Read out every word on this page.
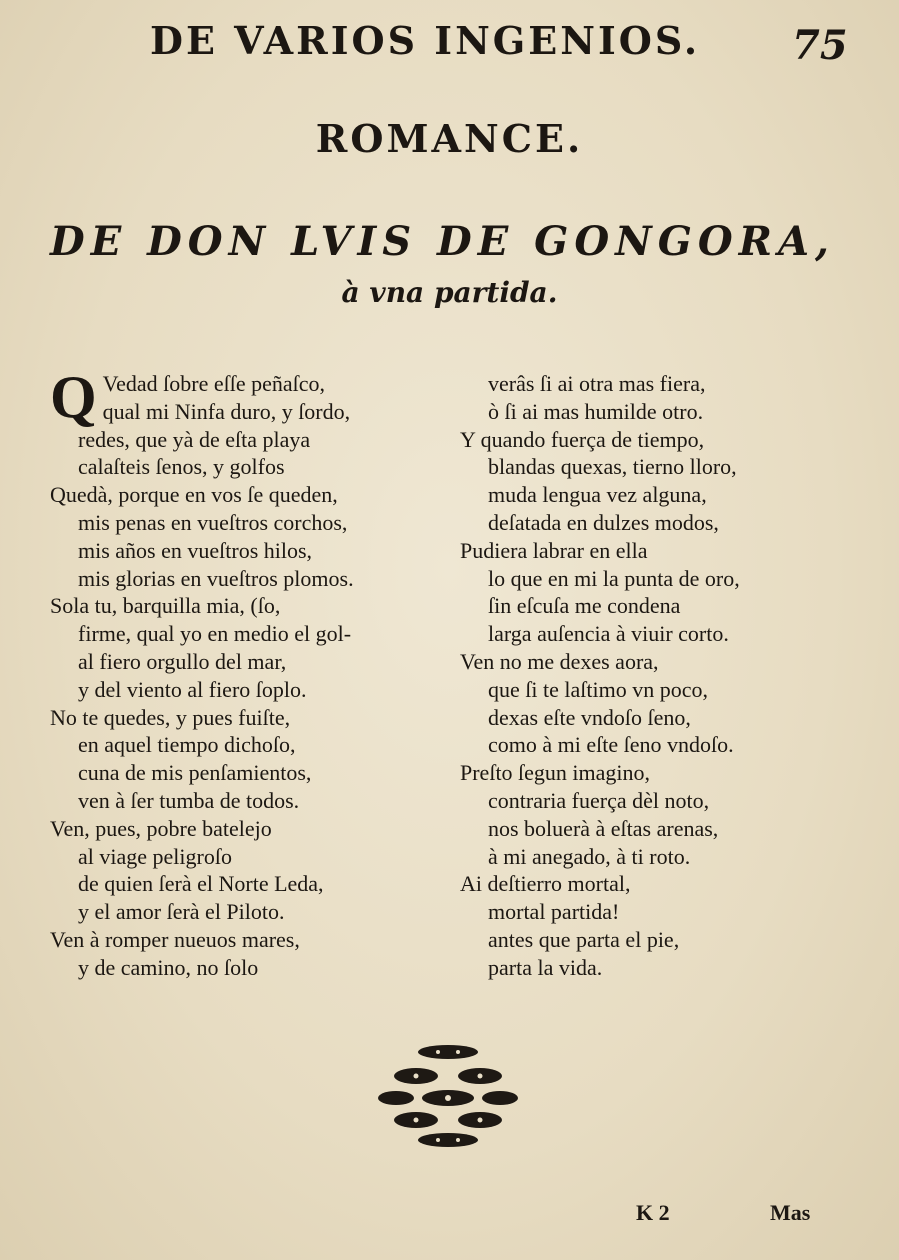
DE VARIOS INGENIOS. 75
ROMANCE.
DE DON LVIS DE GONGORA,
à vna partida.
Q Vedad ſobre eſſe peñaſco,
qual mi Ninfa duro, y ſordo,
redes, que yà de eſta playa
calaſteis ſenos, y golfos
Quedà, porque en vos ſe queden,
mis penas en vueſtros corchos,
mis años en vueſtros hilos,
mis glorias en vueſtros plomos.
Sola tu, barquilla mia, (ſo,
firme, qual yo en medio el gol-
al fiero orgullo del mar,
y del viento al fiero ſoplo.
No te quedes, y pues fuiſte,
en aquel tiempo dichoſo,
cuna de mis penſamientos,
ven à ſer tumba de todos.
Ven, pues, pobre batelejo
al viage peligroſo
de quien ſerà el Norte Leda,
y el amor ſerà el Piloto.
Ven à romper nueuos mares,
y de camino, no ſolo
verâs ſi ai otra mas fiera,
ò ſi ai mas humilde otro.
Y quando fuerça de tiempo,
blandas quexas, tierno lloro,
muda lengua vez alguna,
deſatada en dulzes modos,
Pudiera labrar en ella
lo que en mi la punta de oro,
ſin eſcuſa me condena
larga auſencia à viuir corto.
Ven no me dexes aora,
que ſi te laſtimo vn poco,
dexas eſte vndoſo ſeno,
como à mi eſte ſeno vndoſo.
Preſto ſegun imagino,
contraria fuerça dèl noto,
nos boluerà à eſtas arenas,
à mi anegado, à ti roto.
Ai deſtierro mortal,
mortal partida!
antes que parta el pie,
parta la vida.
K 2	Mas
